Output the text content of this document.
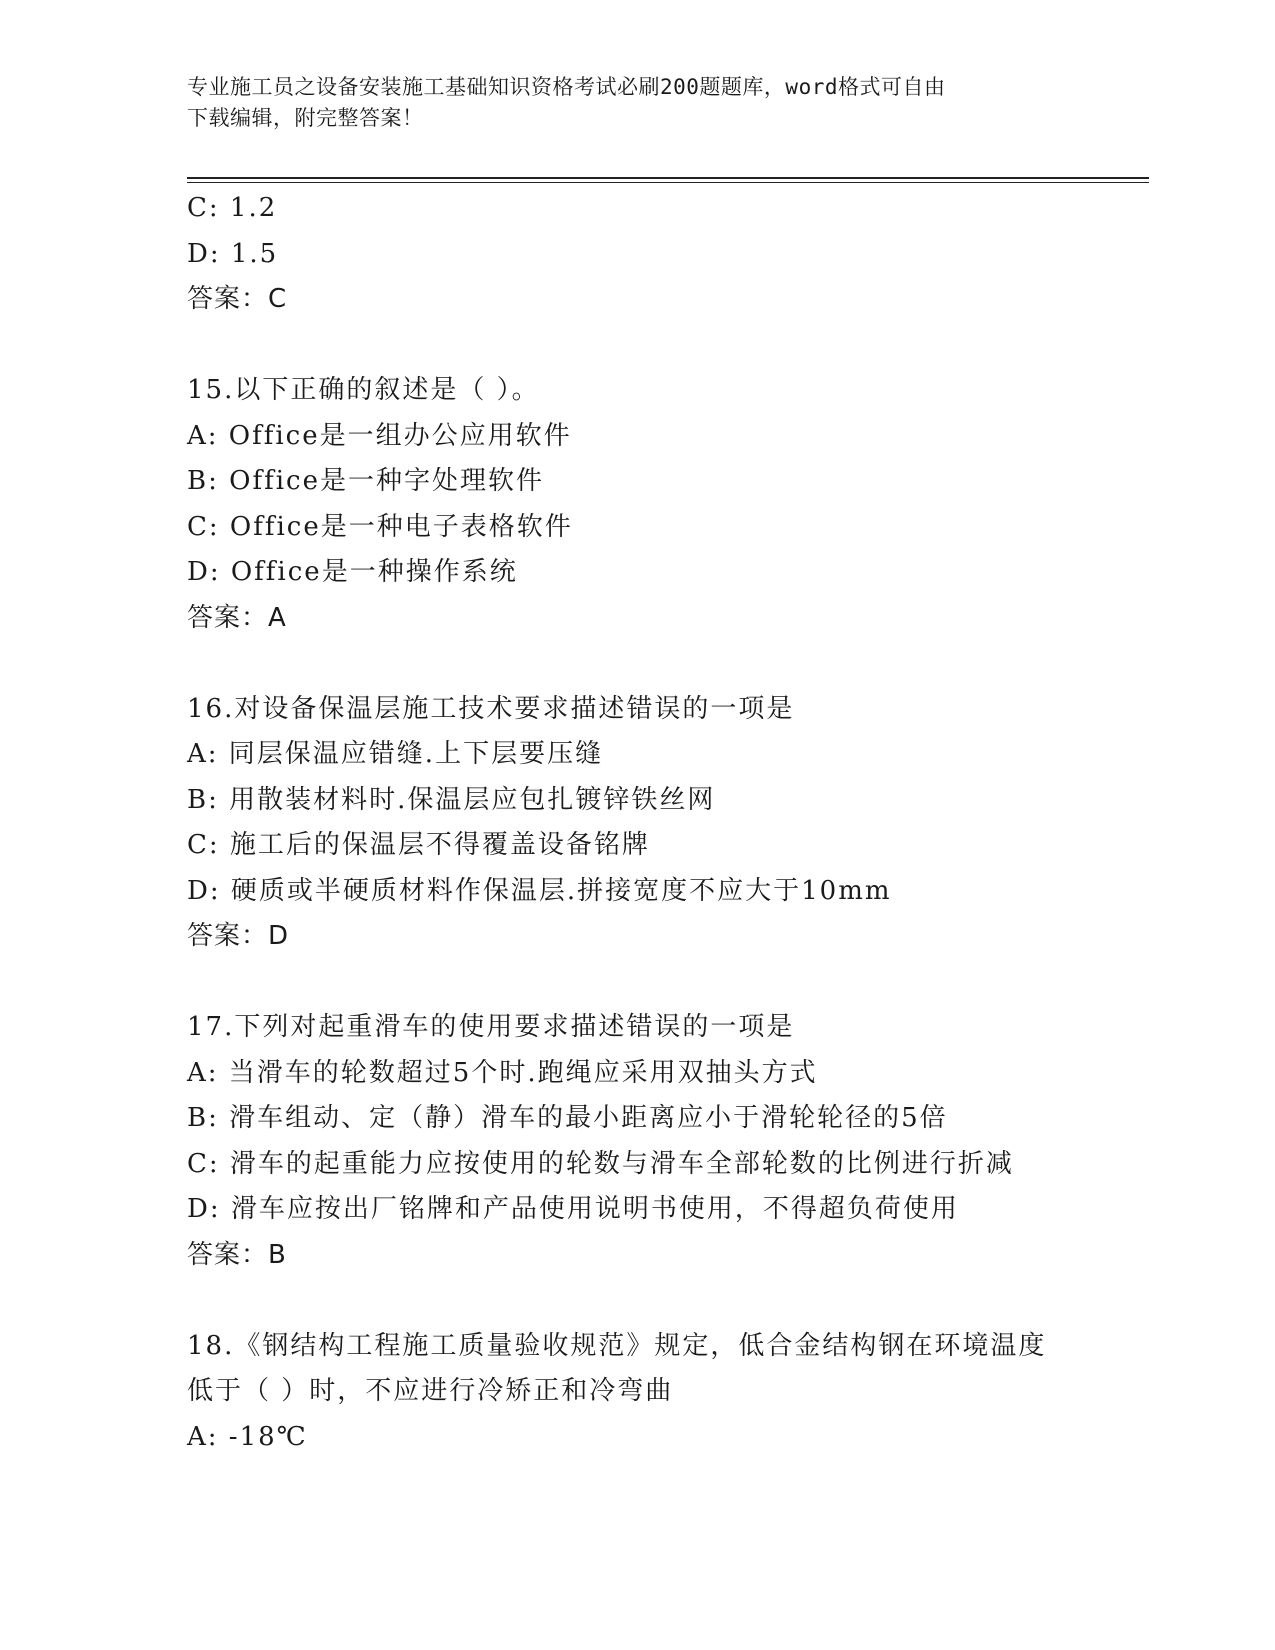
专业施工员之设备安装施工基础知识资格考试必刷200题题库，word格式可自由
下载编辑，附完整答案！
C: 1.2
D: 1.5
答案：C
15.以下正确的叙述是（ ）。
A: Office是一组办公应用软件
B: Office是一种字处理软件
C: Office是一种电子表格软件
D: Office是一种操作系统
答案：A
16.对设备保温层施工技术要求描述错误的一项是
A: 同层保温应错缝.上下层要压缝
B: 用散装材料时.保温层应包扎镀锌铁丝网
C: 施工后的保温层不得覆盖设备铭牌
D: 硬质或半硬质材料作保温层.拼接宽度不应大于10mm
答案：D
17.下列对起重滑车的使用要求描述错误的一项是
A: 当滑车的轮数超过5个时.跑绳应采用双抽头方式
B: 滑车组动、定（静）滑车的最小距离应小于滑轮轮径的5倍
C: 滑车的起重能力应按使用的轮数与滑车全部轮数的比例进行折减
D: 滑车应按出厂铭牌和产品使用说明书使用，不得超负荷使用
答案：B
18.《钢结构工程施工质量验收规范》规定，低合金结构钢在环境温度
低于（ ）时，不应进行冷矫正和冷弯曲
A: -18℃
